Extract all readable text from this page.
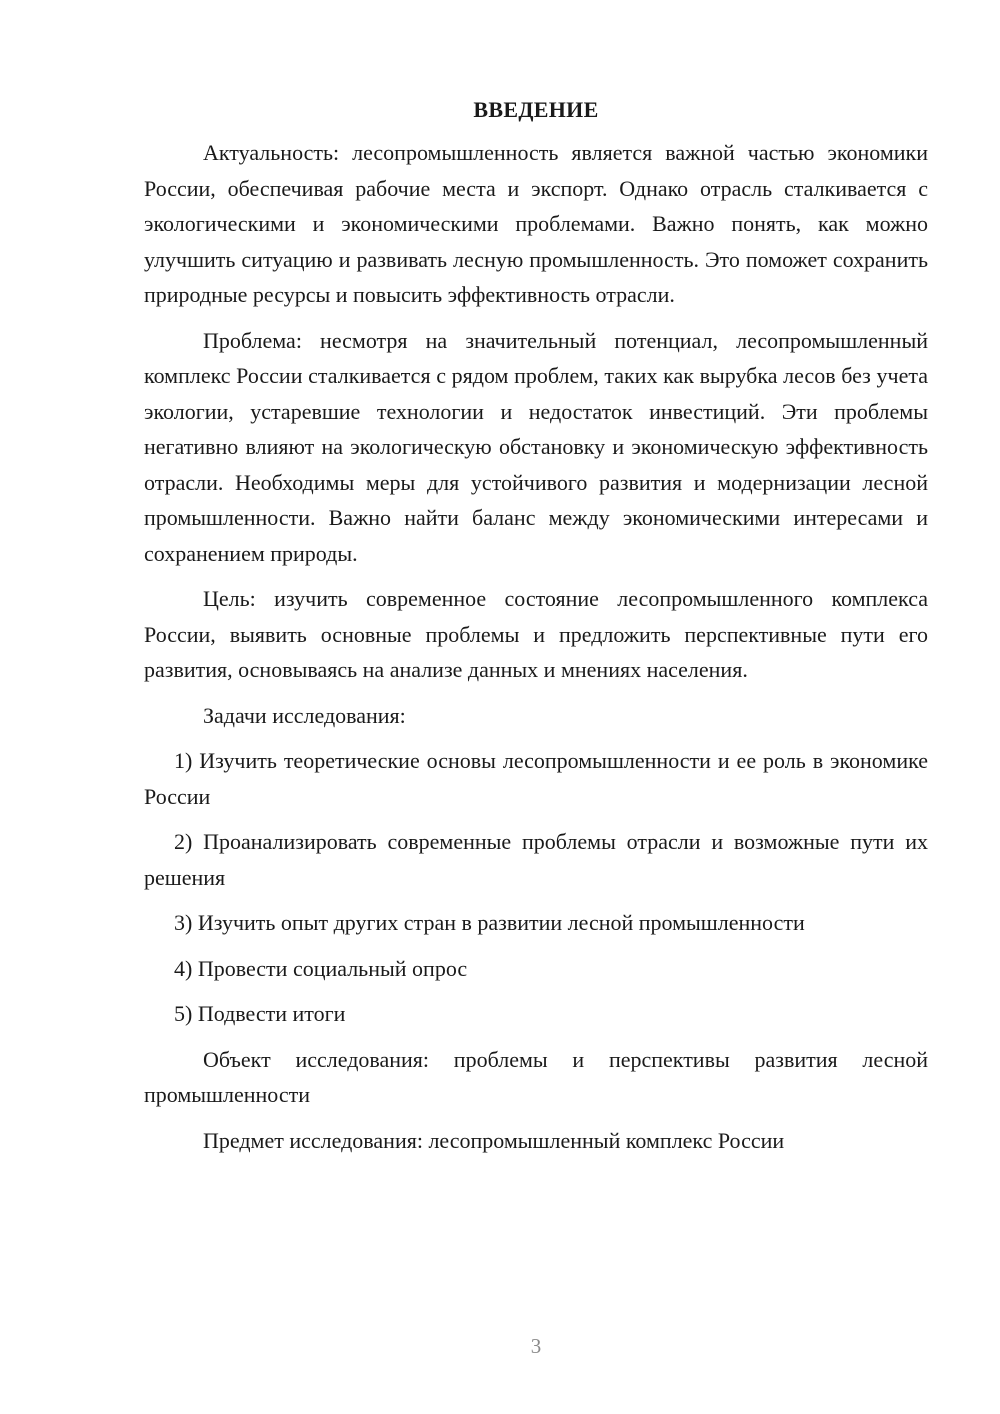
ВВЕДЕНИЕ

Актуальность: лесопромышленность является важной частью экономики России, обеспечивая рабочие места и экспорт. Однако отрасль сталкивается с экологическими и экономическими проблемами. Важно понять, как можно улучшить ситуацию и развивать лесную промышленность. Это поможет сохранить природные ресурсы и повысить эффективность отрасли.

Проблема: несмотря на значительный потенциал, лесопромышленный комплекс России сталкивается с рядом проблем, таких как вырубка лесов без учета экологии, устаревшие технологии и недостаток инвестиций. Эти проблемы негативно влияют на экологическую обстановку и экономическую эффективность отрасли. Необходимы меры для устойчивого развития и модернизации лесной промышленности. Важно найти баланс между экономическими интересами и сохранением природы.

Цель: изучить современное состояние лесопромышленного комплекса России, выявить основные проблемы и предложить перспективные пути его развития, основываясь на анализе данных и мнениях населения.

Задачи исследования:

1) Изучить теоретические основы лесопромышленности и ее роль в экономике России

2) Проанализировать современные проблемы отрасли и возможные пути их решения

3) Изучить опыт других стран в развитии лесной промышленности

4) Провести социальный опрос

5) Подвести итоги

Объект исследования: проблемы и перспективы развития лесной промышленности

Предмет исследования: лесопромышленный комплекс России

3
